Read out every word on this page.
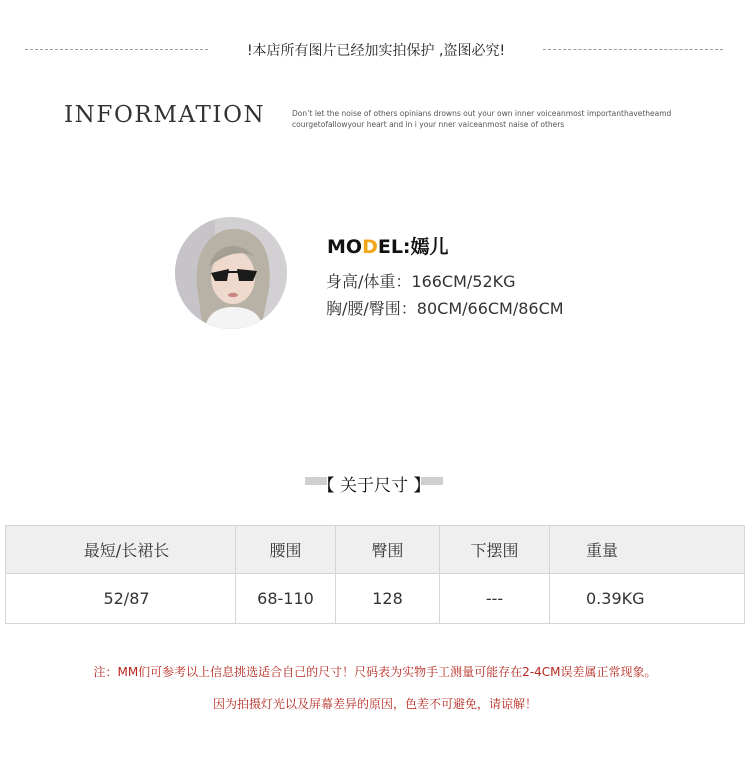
!本店所有图片已经加实拍保护 ,盗图必究!
INFORMATION	Don’t let the noise of others opinians drowns out your own inner voiceanmost importanthavetheamd
courgetofallowyour heart and in i your nner vaiceanmost naise of others
MODEL:嫣儿
身高/体重：166CM/52KG
胸/腰/臀围：80CM/66CM/86CM
【 关于尺寸 】
最短/长裙长	腰围	臀围	下摆围	重量
52/87	68-110	128	---	0.39KG
注：MM们可参考以上信息挑选适合自己的尺寸！尺码表为实物手工测量可能存在2-4CM误差属正常现象。
因为拍摄灯光以及屏幕差异的原因，色差不可避免，请谅解！
